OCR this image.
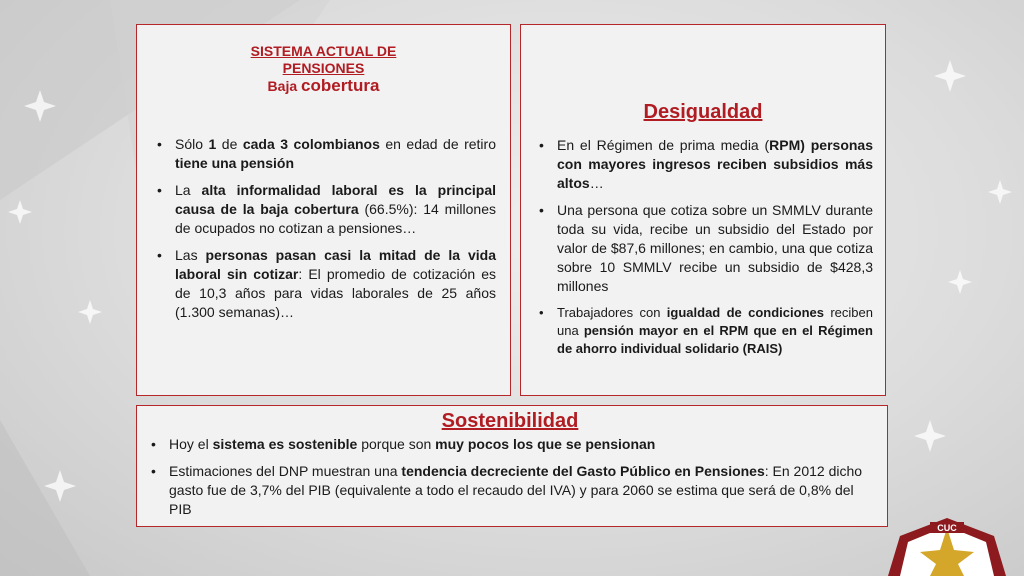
SISTEMA ACTUAL DE
PENSIONES
Baja cobertura
• Sólo 1 de cada 3 colombianos en edad de retiro tiene una pensión
• La alta informalidad laboral es la principal causa de la baja cobertura (66.5%): 14 millones de ocupados no cotizan a pensiones…
• Las personas pasan casi la mitad de la vida laboral sin cotizar: El promedio de cotización es de 10,3 años para vidas laborales de 25 años (1.300 semanas)…
Desigualdad
• En el Régimen de prima media (RPM) personas con mayores ingresos reciben subsidios más altos…
• Una persona que cotiza sobre un SMMLV durante toda su vida, recibe un subsidio del Estado por valor de $87,6 millones; en cambio, una que cotiza sobre 10 SMMLV recibe un subsidio de $428,3 millones
• Trabajadores con igualdad de condiciones reciben una pensión mayor en el RPM que en el Régimen de ahorro individual solidario (RAIS)
Sostenibilidad
• Hoy el sistema es sostenible porque son muy pocos los que se pensionan
• Estimaciones del DNP muestran una tendencia decreciente del Gasto Público en Pensiones: En 2012 dicho gasto fue de 3,7% del PIB (equivalente a todo el recaudo del IVA) y para 2060 se estima que será de 0,8% del PIB
CUC
